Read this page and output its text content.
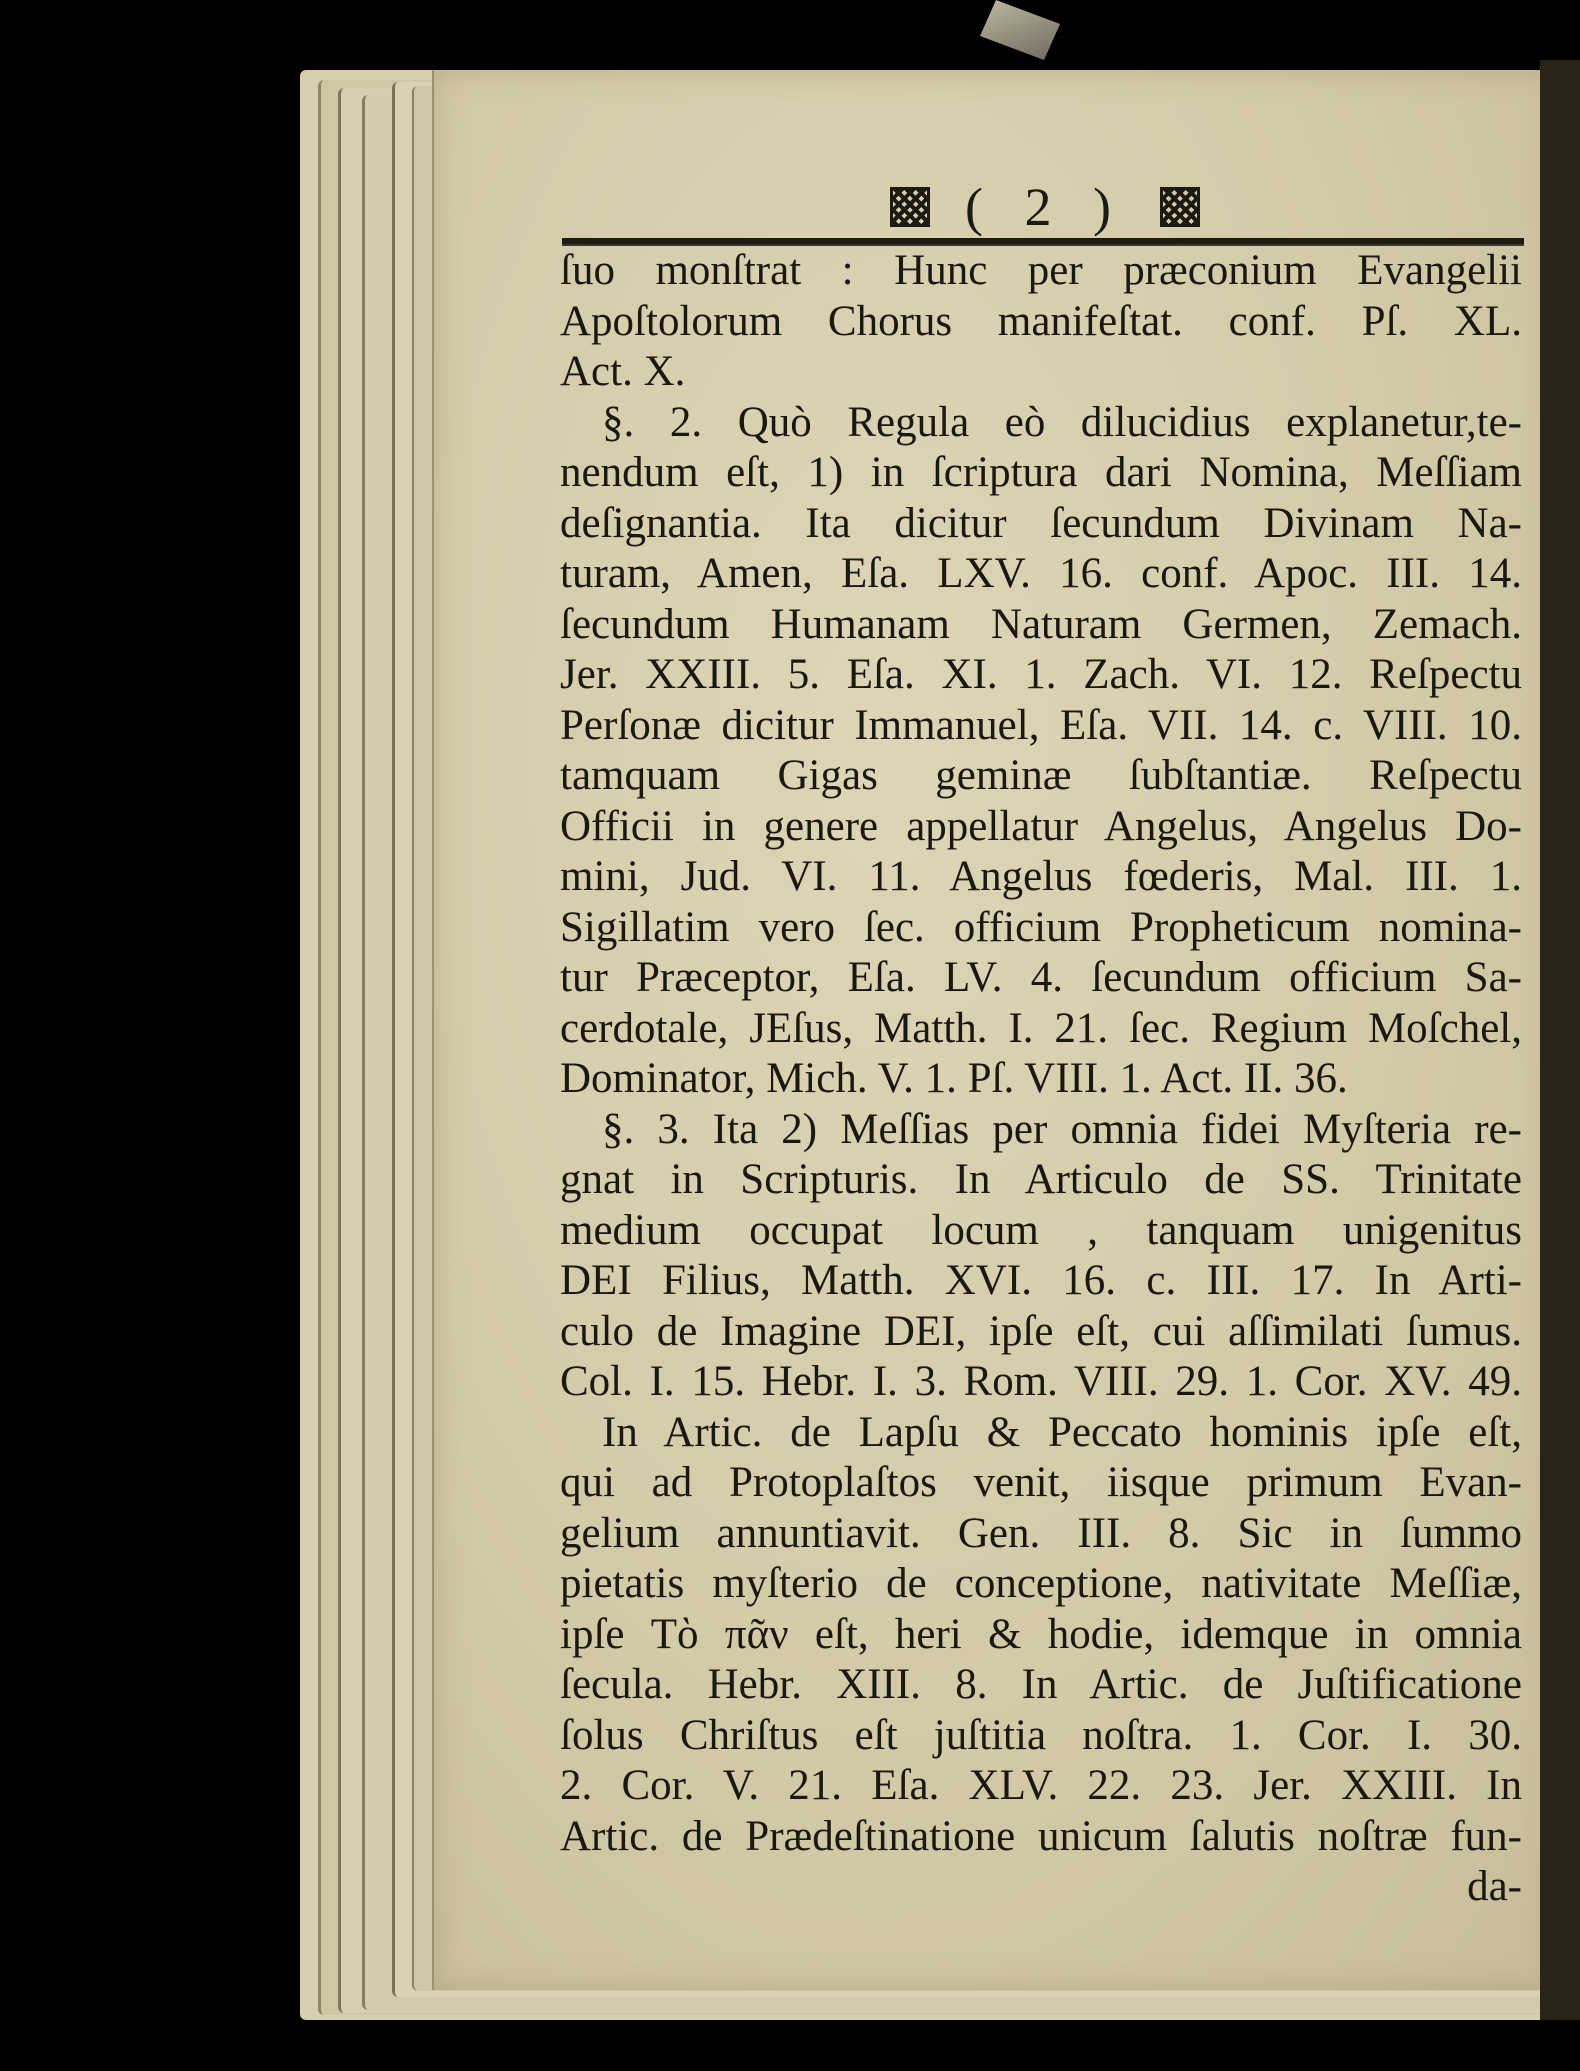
( 2 )
ſuo monſtrat : Hunc per præconium Evangelii
Apoſtolorum Chorus manifeſtat. conf. Pſ. XL.
Act. X.
§. 2. Quò Regula eò dilucidius explanetur,te-
nendum eſt, 1) in ſcriptura dari Nomina, Meſſiam
deſignantia. Ita dicitur ſecundum Divinam Na-
turam, Amen, Eſa. LXV. 16. conf. Apoc. III. 14.
ſecundum Humanam Naturam Germen, Zemach.
Jer. XXIII. 5. Eſa. XI. 1. Zach. VI. 12. Reſpectu
Perſonæ dicitur Immanuel, Eſa. VII. 14. c. VIII. 10.
tamquam Gigas geminæ ſubſtantiæ. Reſpectu
Officii in genere appellatur Angelus, Angelus Do-
mini, Jud. VI. 11. Angelus fœderis, Mal. III. 1.
Sigillatim vero ſec. officium Propheticum nomina-
tur Præceptor, Eſa. LV. 4. ſecundum officium Sa-
cerdotale, JEſus, Matth. I. 21. ſec. Regium Moſchel,
Dominator, Mich. V. 1. Pſ. VIII. 1. Act. II. 36.
§. 3. Ita 2) Meſſias per omnia fidei Myſteria re-
gnat in Scripturis. In Articulo de SS. Trinitate
medium occupat locum , tanquam unigenitus
DEI Filius, Matth. XVI. 16. c. III. 17. In Arti-
culo de Imagine DEI, ipſe eſt, cui aſſimilati ſumus.
Col. I. 15. Hebr. I. 3. Rom. VIII. 29. 1. Cor. XV. 49.
In Artic. de Lapſu & Peccato hominis ipſe eſt,
qui ad Protoplaſtos venit, iisque primum Evan-
gelium annuntiavit. Gen. III. 8. Sic in ſummo
pietatis myſterio de conceptione, nativitate Meſſiæ,
ipſe Τὸ πᾶν eſt, heri & hodie, idemque in omnia
ſecula. Hebr. XIII. 8. In Artic. de Juſtificatione
ſolus Chriſtus eſt juſtitia noſtra. 1. Cor. I. 30.
2. Cor. V. 21. Eſa. XLV. 22. 23. Jer. XXIII. In
Artic. de Prædeſtinatione unicum ſalutis noſtræ fun-
da-
